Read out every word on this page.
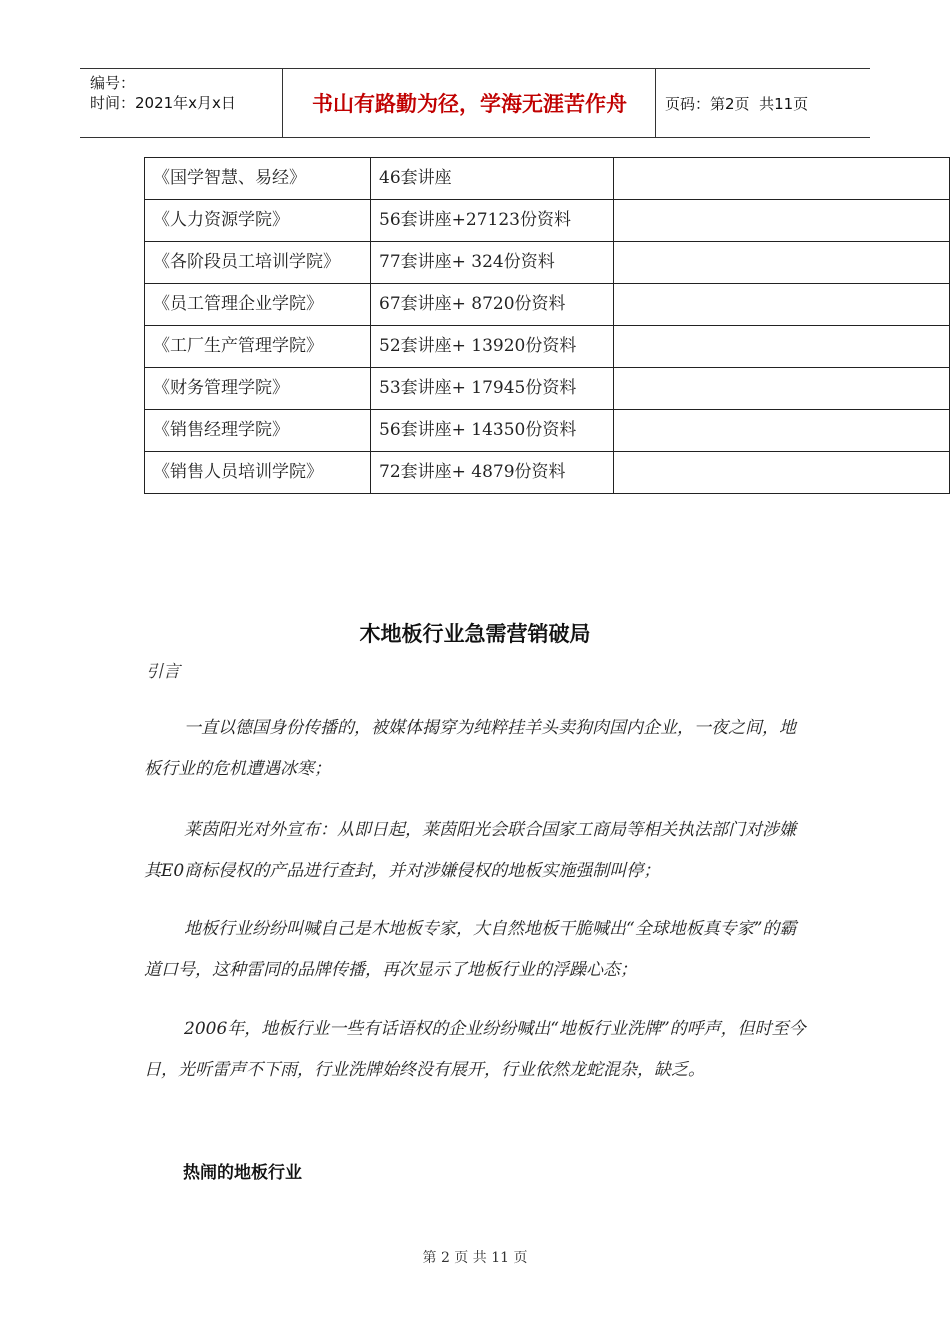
编号：
时间：2021年x月x日	书山有路勤为径，学海无涯苦作舟	页码：第2页  共11页
《国学智慧、易经》	46套讲座	
《人力资源学院》	56套讲座+27123份资料	
《各阶段员工培训学院》	77套讲座+ 324份资料	
《员工管理企业学院》	67套讲座+ 8720份资料	
《工厂生产管理学院》	52套讲座+ 13920份资料	
《财务管理学院》	53套讲座+ 17945份资料	
《销售经理学院》	56套讲座+ 14350份资料	
《销售人员培训学院》	72套讲座+ 4879份资料	
木地板行业急需营销破局
引言

一直以德国身份传播的，被媒体揭穿为纯粹挂羊头卖狗肉国内企业，一夜之间，地板行业的危机遭遇冰寒；

莱茵阳光对外宣布：从即日起，莱茵阳光会联合国家工商局等相关执法部门对涉嫌其E0商标侵权的产品进行查封，并对涉嫌侵权的地板实施强制叫停；

地板行业纷纷叫喊自己是木地板专家，大自然地板干脆喊出“全球地板真专家”的霸道口号，这种雷同的品牌传播，再次显示了地板行业的浮躁心态；

2006年，地板行业一些有话语权的企业纷纷喊出“地板行业洗牌”的呼声，但时至今日，光听雷声不下雨，行业洗牌始终没有展开，行业依然龙蛇混杂，缺乏。

热闹的地板行业
第 2 页 共 11 页
